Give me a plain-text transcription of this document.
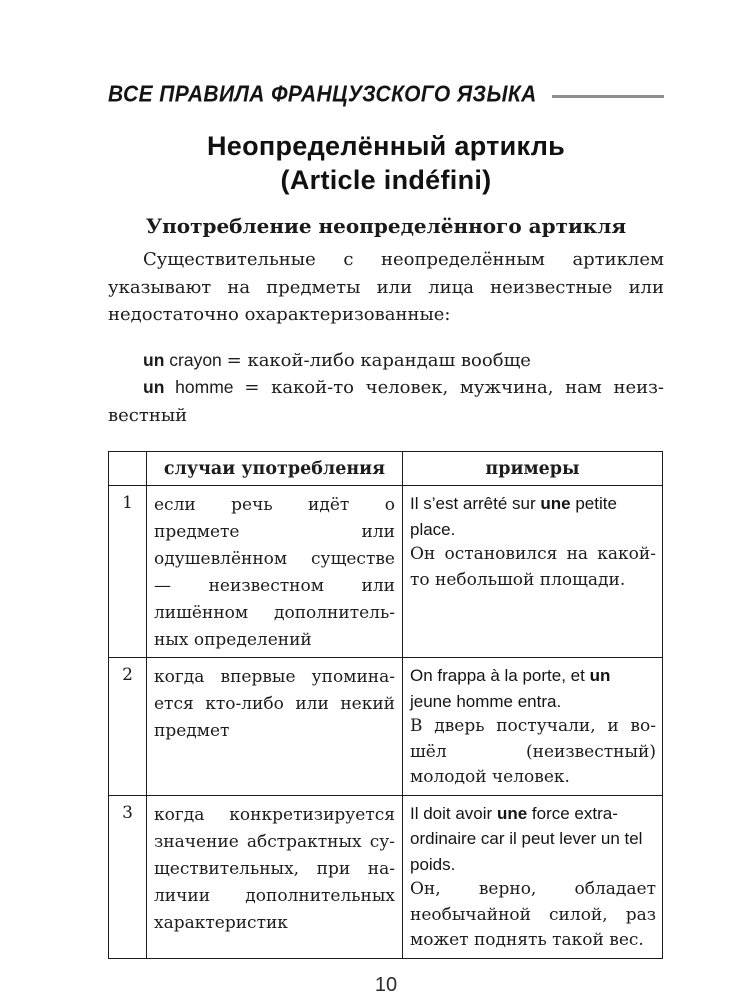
ВСЕ ПРАВИЛА ФРАНЦУЗСКОГО ЯЗЫКА
Неопределённый артикль
(Article indéfini)
Употребление неопределённого артикля

Существительные с неопределённым артиклем указывают на предметы или лица неизвестные или недостаточно охарактеризованные:

un crayon = какой-либо карандаш вообще
un homme = какой-то человек, мужчина, нам неизвестный
	случаи употребления	примеры
1	если речь идёт о предмете или одушевлённом существе — неизвестном или лишённом дополнительных определений	Il s’est arrêté sur une petite place.
Он остановился на какой-то небольшой площади.

2	когда впервые упоминается кто-либо или некий предмет	On frappa à la porte, et un jeune homme entra.
В дверь постучали, и вошёл (неизвестный) молодой человек.

3	когда конкретизируется значение абстрактных существительных, при наличии дополнительных характеристик	Il doit avoir une force extraordinaire car il peut lever un tel poids.
Он, верно, обладает необычайной силой, раз может поднять такой вес.
10
